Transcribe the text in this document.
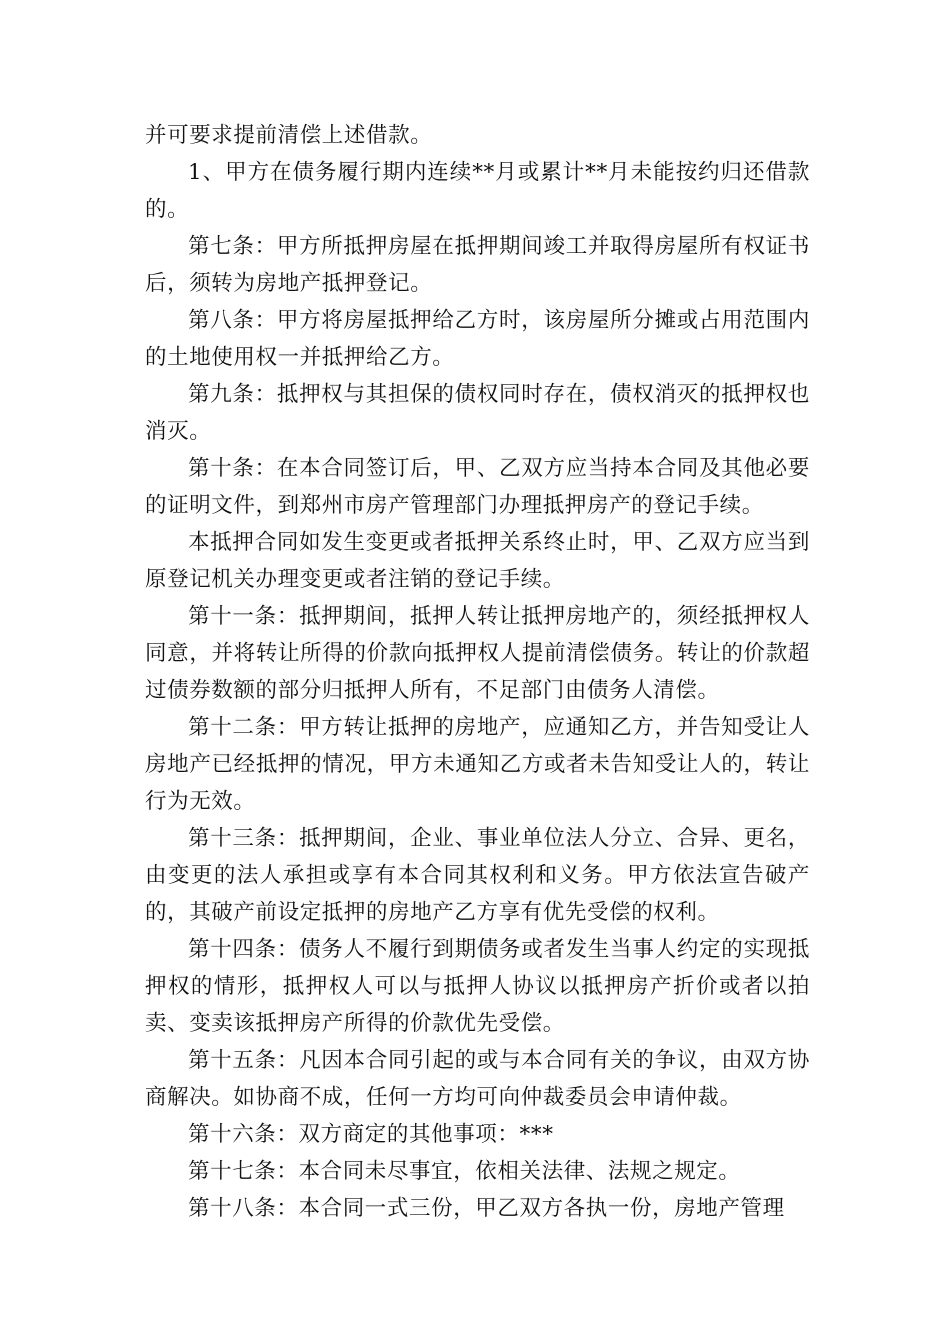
并可要求提前清偿上述借款。

1、甲方在债务履行期内连续**月或累计**月未能按约归还借款的。

第七条：甲方所抵押房屋在抵押期间竣工并取得房屋所有权证书后，须转为房地产抵押登记。

第八条：甲方将房屋抵押给乙方时，该房屋所分摊或占用范围内的土地使用权一并抵押给乙方。

第九条：抵押权与其担保的债权同时存在，债权消灭的抵押权也消灭。

第十条：在本合同签订后，甲、乙双方应当持本合同及其他必要的证明文件，到郑州市房产管理部门办理抵押房产的登记手续。

本抵押合同如发生变更或者抵押关系终止时，甲、乙双方应当到原登记机关办理变更或者注销的登记手续。

第十一条：抵押期间，抵押人转让抵押房地产的，须经抵押权人同意，并将转让所得的价款向抵押权人提前清偿债务。转让的价款超过债券数额的部分归抵押人所有，不足部门由债务人清偿。

第十二条：甲方转让抵押的房地产，应通知乙方，并告知受让人房地产已经抵押的情况，甲方未通知乙方或者未告知受让人的，转让行为无效。

第十三条：抵押期间，企业、事业单位法人分立、合异、更名，由变更的法人承担或享有本合同其权利和义务。甲方依法宣告破产的，其破产前设定抵押的房地产乙方享有优先受偿的权利。

第十四条：债务人不履行到期债务或者发生当事人约定的实现抵押权的情形，抵押权人可以与抵押人协议以抵押房产折价或者以拍卖、变卖该抵押房产所得的价款优先受偿。

第十五条：凡因本合同引起的或与本合同有关的争议，由双方协商解决。如协商不成，任何一方均可向仲裁委员会申请仲裁。

第十六条：双方商定的其他事项：***

第十七条：本合同未尽事宜，依相关法律、法规之规定。

第十八条：本合同一式三份，甲乙双方各执一份，房地产管理
